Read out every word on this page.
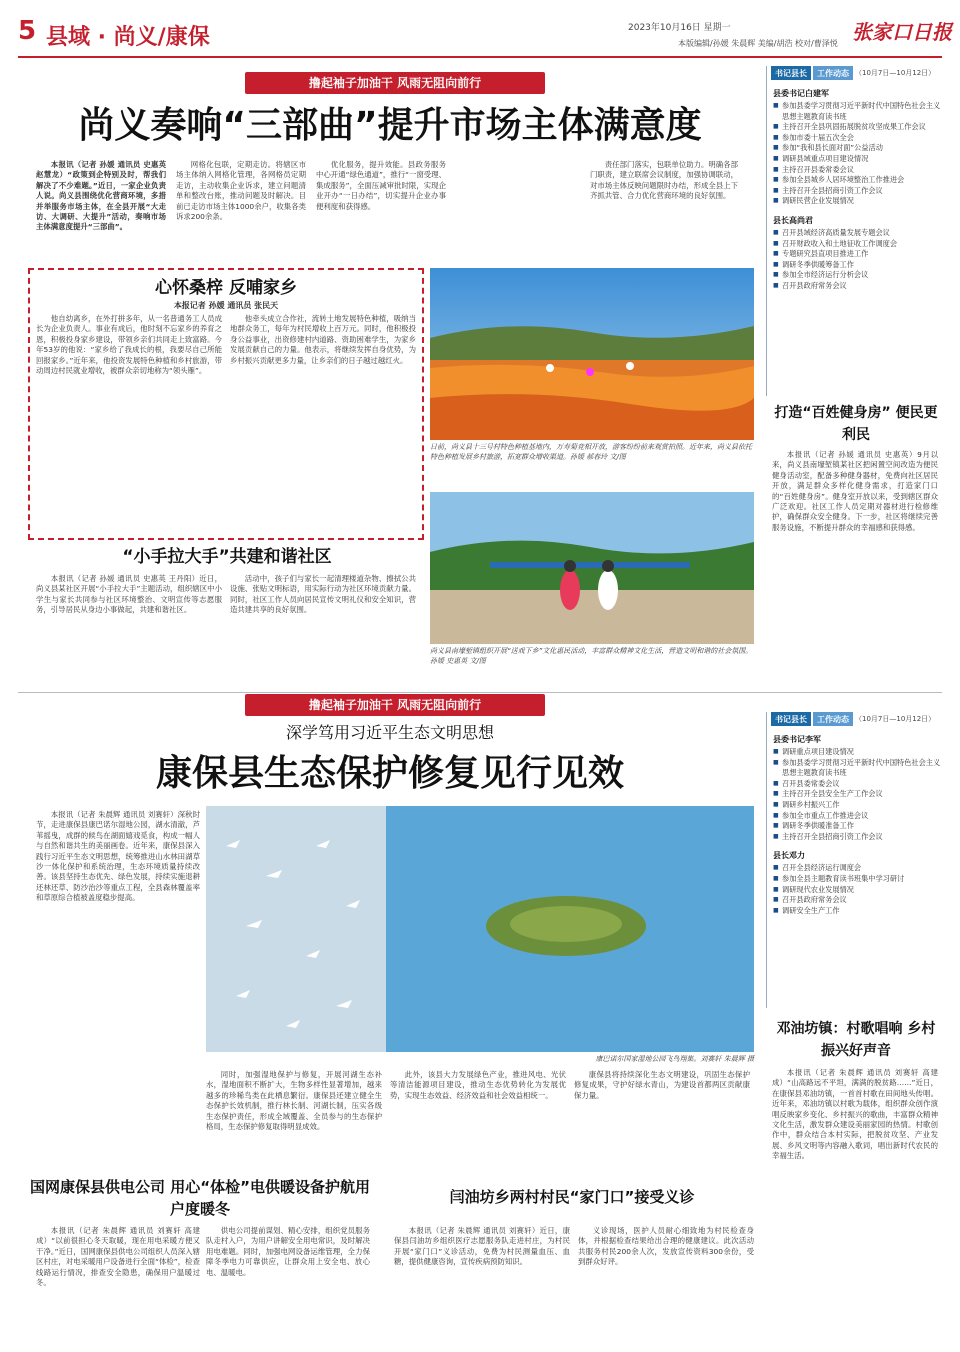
5 县域 · 尚义/康保	2023年10月16日 星期一
本版编辑/孙媛 朱晨辉 美编/胡浩 校对/曹泽悦 张家口日报
撸起袖子加油干 风雨无阻向前行
尚义奏响“三部曲”提升市场主体满意度

本报讯（记者 孙媛 通讯员 史惠英 赵慧龙）“政策到企特别及时，帮我们解决了不少难题。”近日，一家企业负责人说。尚义县围绕优化营商环境，多措并举服务市场主体，在全县开展“大走访、大调研、大提升”活动，奏响市场主体满意度提升“三部曲”。

网格化包联，定期走访。将辖区市场主体纳入网格化管理，各网格员定期走访，主动收集企业诉求，建立问题清单和整改台账，推动问题及时解决。目前已走访市场主体1000余户，收集各类诉求200余条。

优化服务，提升效能。县政务服务中心开通“绿色通道”，推行“一窗受理、集成服务”，全面压减审批时限，实现企业开办“一日办结”，切实提升企业办事便利度和获得感。

责任部门落实，包联单位助力。明确各部门职责，建立联席会议制度，加强协调联动，对市场主体反映问题限时办结，形成全县上下齐抓共管、合力优化营商环境的良好氛围。

心怀桑梓 反哺家乡
本报记者 孙媛 通讯员 张民天

他自幼离乡，在外打拼多年，从一名普通务工人员成长为企业负责人。事业有成后，他时刻不忘家乡的养育之恩，积极投身家乡建设，带领乡亲们共同走上致富路。今年53岁的他说：“家乡给了我成长的根，我要尽自己所能回报家乡。”近年来，他投资发展特色种植和乡村旅游，带动周边村民就业增收，被群众亲切地称为“领头雁”。

他牵头成立合作社，流转土地发展特色种植，吸纳当地群众务工，每年为村民增收上百万元。同时，他积极投身公益事业，出资修建村内道路、资助困难学生，为家乡发展贡献自己的力量。他表示，将继续发挥自身优势，为乡村振兴贡献更多力量，让乡亲们的日子越过越红火。

日前，尚义县十三号村特色种植基地内，万寿菊竞相开放，游客纷纷前来观赏拍照。近年来，尚义县依托特色种植发展乡村旅游，拓宽群众增收渠道。孙媛 郝春玲 文/图
尚义县南壕堑镇组织开展“送戏下乡”文化惠民活动，丰富群众精神文化生活，营造文明和谐的社会氛围。孙媛 史惠英 文/图
“小手拉大手”共建和谐社区

本报讯（记者 孙媛 通讯员 史惠英 王丹阳）近日，尚义县某社区开展“小手拉大手”主题活动，组织辖区中小学生与家长共同参与社区环境整治、文明宣传等志愿服务，引导居民从身边小事做起，共建和谐社区。

活动中，孩子们与家长一起清理楼道杂物、擦拭公共设施、张贴文明标语，用实际行动为社区环境贡献力量。同时，社区工作人员向居民宣传文明礼仪和安全知识，营造共建共享的良好氛围。

书记县长	工作动态 （10月7日—10月12日）
县委书记白建军
■ 参加县委学习贯彻习近平新时代中国特色社会主义思想主题教育读书班
■ 主持召开全县巩固拓展脱贫攻坚成果工作会议
■ 参加市委十届五次全会
■ 参加“我和县长面对面”公益活动
■ 调研县域重点项目建设情况
■ 主持召开县委常委会议
■ 参加全县城乡人居环境整治工作推进会
■ 主持召开全县招商引资工作会议
■ 调研民营企业发展情况
县长高尚君
■ 召开县域经济高质量发展专题会议
■ 召开财政收入和土地征收工作调度会
■ 专题研究县直项目推进工作
■ 调研冬季供暖筹备工作
■ 参加全市经济运行分析会议
■ 召开县政府常务会议
打造“百姓健身房” 便民更利民

本报讯（记者 孙媛 通讯员 史惠英）9月以来，尚义县南壕堑镇某社区把闲置空间改造为便民健身活动室，配备多种健身器材，免费向社区居民开放，满足群众多样化健身需求，打造家门口的“百姓健身房”。健身室开放以来，受到辖区群众广泛欢迎。社区工作人员定期对器材进行检修维护，确保群众安全健身。下一步，社区将继续完善服务设施，不断提升群众的幸福感和获得感。

撸起袖子加油干 风雨无阻向前行
深学笃用习近平生态文明思想
康保县生态保护修复见行见效

本报讯（记者 朱晨辉 通讯员 刘赛轩）深秋时节，走进康保县康巴诺尔湿地公园，湖水清澈，芦苇摇曳，成群的候鸟在湖面嬉戏觅食，构成一幅人与自然和谐共生的美丽画卷。近年来，康保县深入践行习近平生态文明思想，统筹推进山水林田湖草沙一体化保护和系统治理，生态环境质量持续改善。该县坚持生态优先、绿色发展，持续实施退耕还林还草、防沙治沙等重点工程，全县森林覆盖率和草原综合植被盖度稳步提高。

康巴诺尔国家湿地公园飞鸟翔集。刘赛轩 朱晨辉 摄

同时，加强湿地保护与修复，开展河湖生态补水，湿地面积不断扩大，生物多样性显著增加，越来越多的珍稀鸟类在此栖息繁衍。康保县还建立健全生态保护长效机制，推行林长制、河湖长制，压实各级生态保护责任，形成全域覆盖、全员参与的生态保护格局，生态保护修复取得明显成效。

此外，该县大力发展绿色产业，推进风电、光伏等清洁能源项目建设，推动生态优势转化为发展优势，实现生态效益、经济效益和社会效益相统一。

康保县将持续深化生态文明建设，巩固生态保护修复成果，守护好绿水青山，为建设首都两区贡献康保力量。

书记县长	工作动态 （10月7日—10月12日）
县委书记李军
■ 调研重点项目建设情况
■ 参加县委学习贯彻习近平新时代中国特色社会主义思想主题教育读书班
■ 召开县委常委会议
■ 主持召开全县安全生产工作会议
■ 调研乡村振兴工作
■ 参加全市重点工作推进会议
■ 调研冬季供暖准备工作
■ 主持召开全县招商引资工作会议
县长邓力
■ 召开全县经济运行调度会
■ 参加全县主题教育读书班集中学习研讨
■ 调研现代农业发展情况
■ 召开县政府常务会议
■ 调研安全生产工作
邓油坊镇：村歌唱响 乡村振兴好声音

本报讯（记者 朱晨辉 通讯员 刘赛轩 高建成）“山高路远不平坦，满满的脱贫路……”近日，在康保县邓油坊镇，一首首村歌在田间地头传唱。近年来，邓油坊镇以村歌为载体，组织群众创作演唱反映家乡变化、乡村振兴的歌曲，丰富群众精神文化生活，激发群众建设美丽家园的热情。村歌创作中，群众结合本村实际，把脱贫攻坚、产业发展、乡风文明等内容融入歌词，唱出新时代农民的幸福生活。

国网康保县供电公司 用心“体检”电供暖设备护航用户度暖冬

本报讯（记者 朱晨辉 通讯员 刘赛轩 高建成）“以前很担心冬天取暖，现在用电采暖方便又干净。”近日，国网康保县供电公司组织人员深入辖区村庄，对电采暖用户设备进行全面“体检”，检查线路运行情况，排查安全隐患，确保用户温暖过冬。

供电公司提前谋划、精心安排，组织党员服务队走村入户，为用户讲解安全用电常识，及时解决用电难题。同时，加强电网设备运维管理，全力保障冬季电力可靠供应，让群众用上安全电、放心电、温暖电。

闫油坊乡两村村民“家门口”接受义诊

本报讯（记者 朱晨辉 通讯员 刘赛轩）近日，康保县闫油坊乡组织医疗志愿服务队走进村庄，为村民开展“家门口”义诊活动，免费为村民测量血压、血糖，提供健康咨询，宣传疾病预防知识。

义诊现场，医护人员耐心细致地为村民检查身体，并根据检查结果给出合理的健康建议。此次活动共服务村民200余人次，发放宣传资料300余份，受到群众好评。
